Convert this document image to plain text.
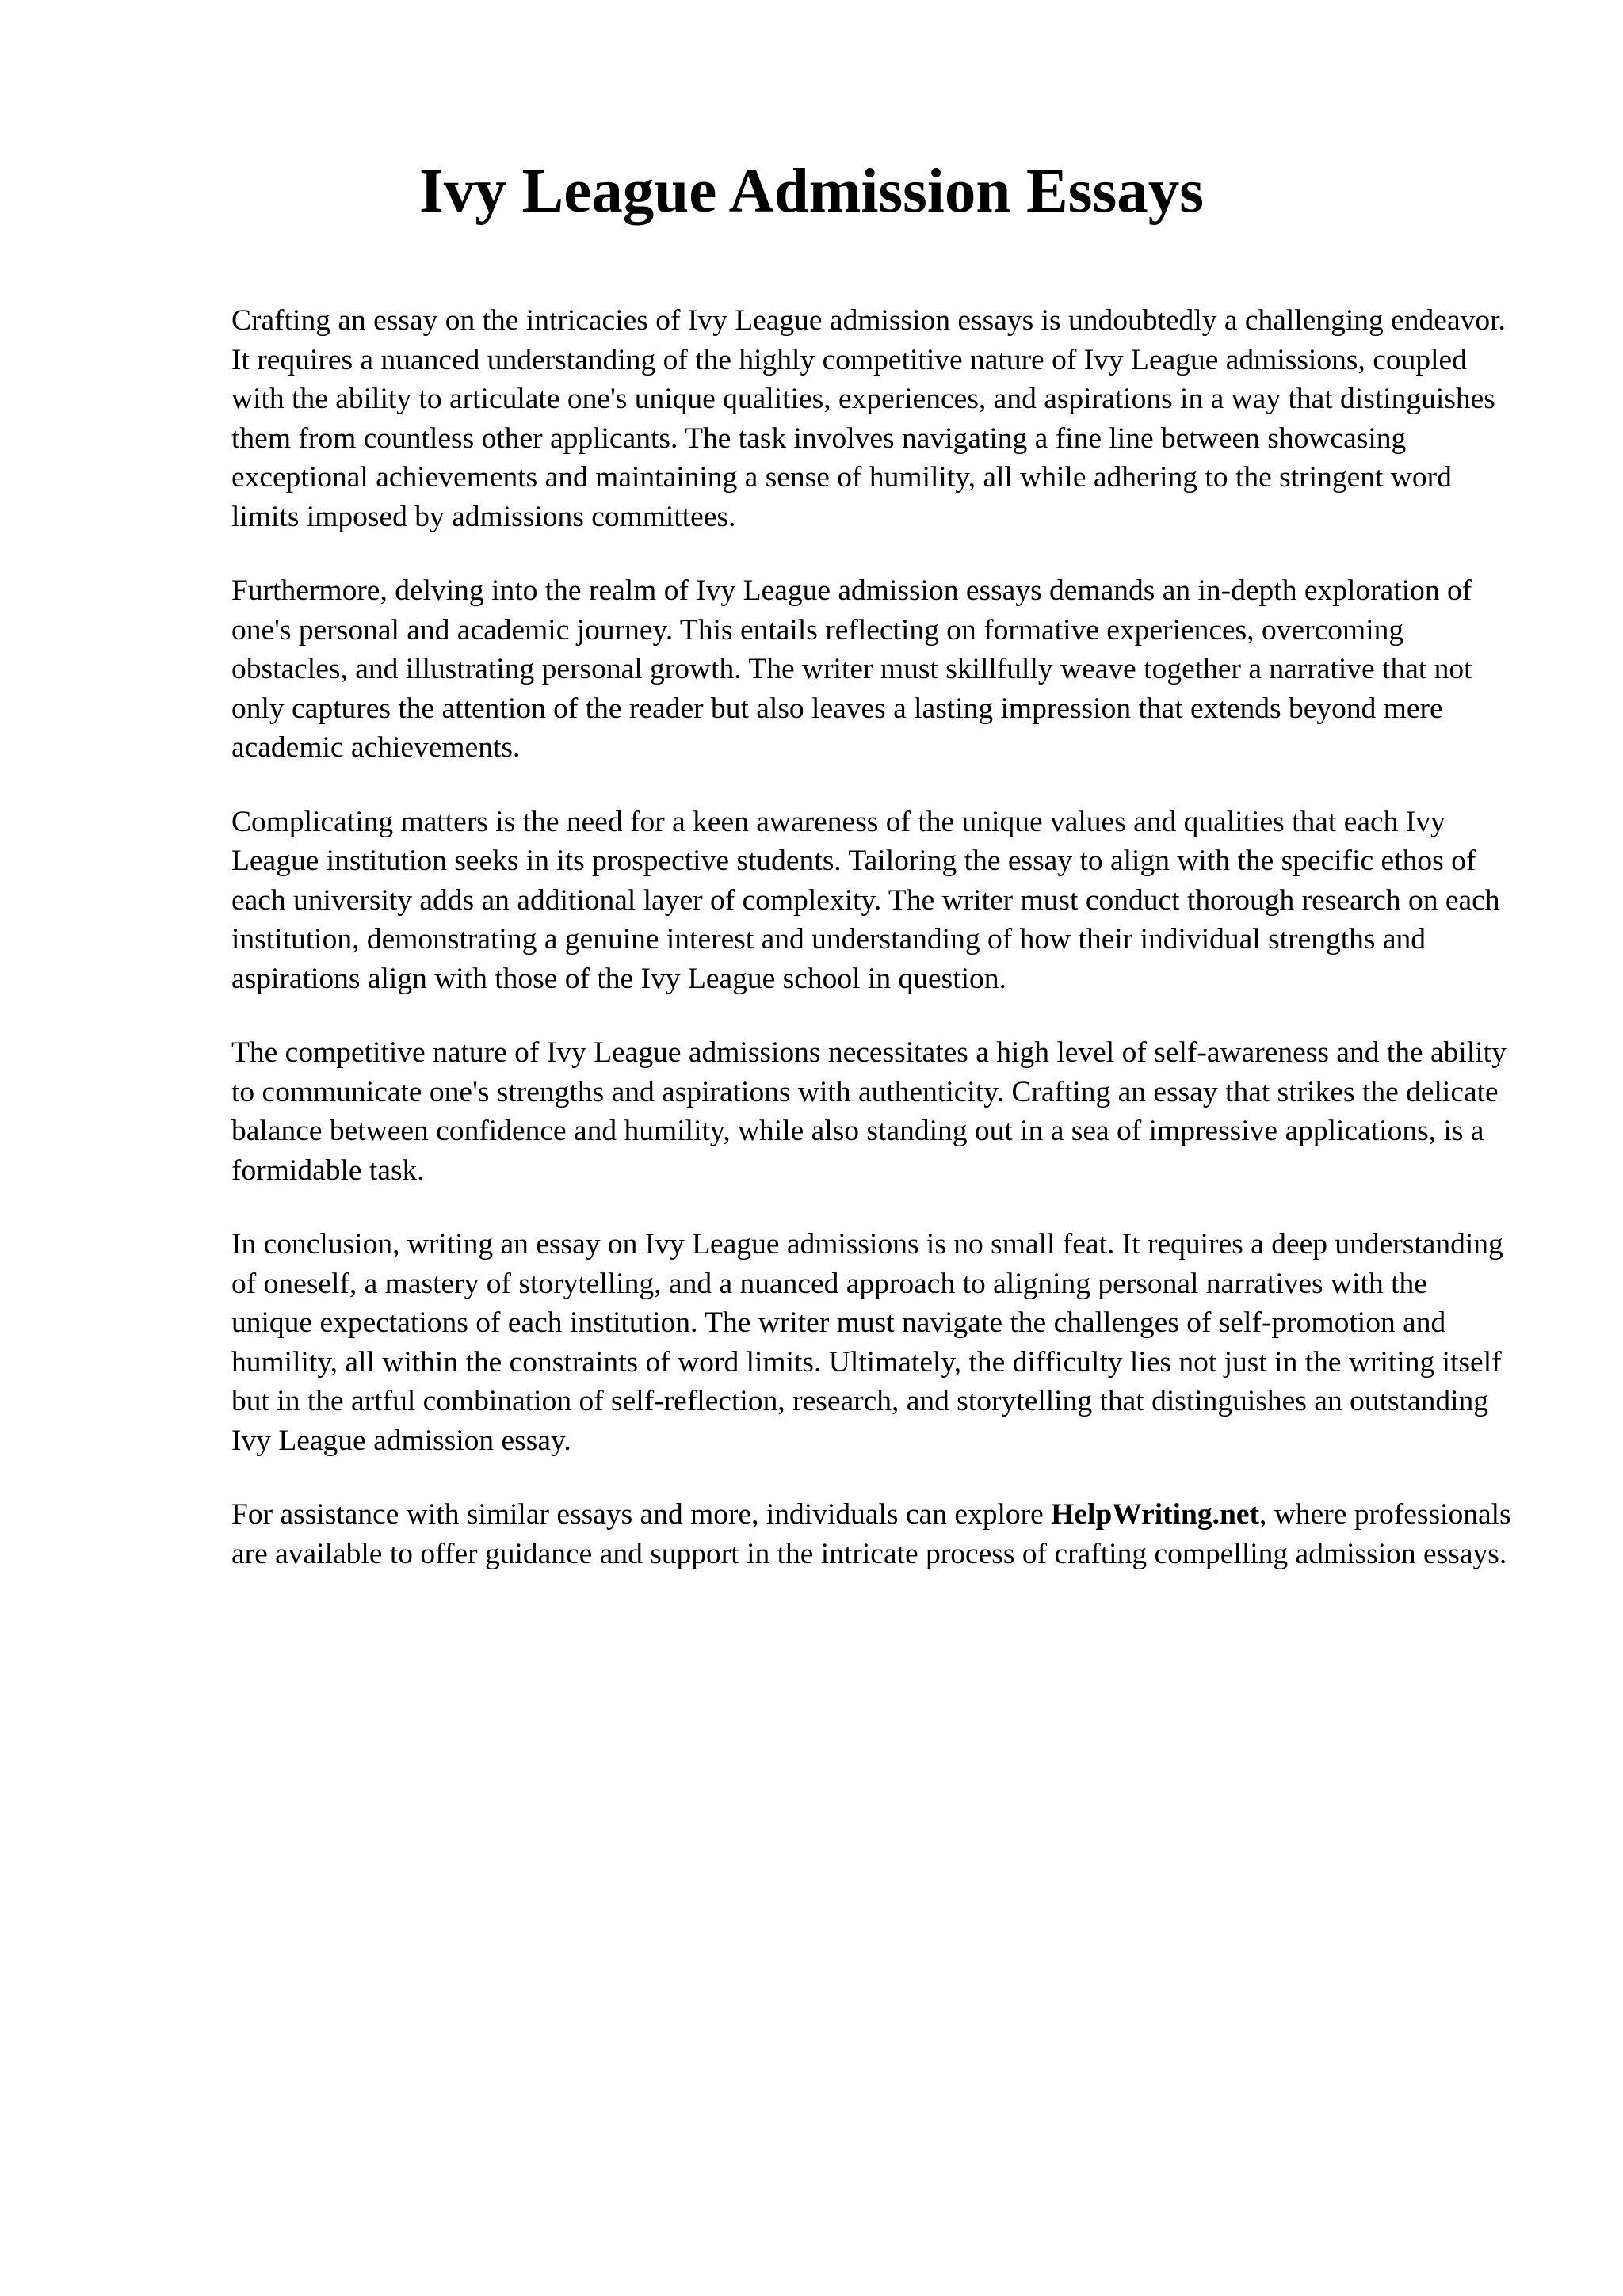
Ivy League Admission Essays

Crafting an essay on the intricacies of Ivy League admission essays is undoubtedly a challenging endeavor. It requires a nuanced understanding of the highly competitive nature of Ivy League admissions, coupled with the ability to articulate one's unique qualities, experiences, and aspirations in a way that distinguishes them from countless other applicants. The task involves navigating a fine line between showcasing exceptional achievements and maintaining a sense of humility, all while adhering to the stringent word limits imposed by admissions committees.

Furthermore, delving into the realm of Ivy League admission essays demands an in-depth exploration of one's personal and academic journey. This entails reflecting on formative experiences, overcoming obstacles, and illustrating personal growth. The writer must skillfully weave together a narrative that not only captures the attention of the reader but also leaves a lasting impression that extends beyond mere academic achievements.

Complicating matters is the need for a keen awareness of the unique values and qualities that each Ivy League institution seeks in its prospective students. Tailoring the essay to align with the specific ethos of each university adds an additional layer of complexity. The writer must conduct thorough research on each institution, demonstrating a genuine interest and understanding of how their individual strengths and aspirations align with those of the Ivy League school in question.

The competitive nature of Ivy League admissions necessitates a high level of self-awareness and the ability to communicate one's strengths and aspirations with authenticity. Crafting an essay that strikes the delicate balance between confidence and humility, while also standing out in a sea of impressive applications, is a formidable task.

In conclusion, writing an essay on Ivy League admissions is no small feat. It requires a deep understanding of oneself, a mastery of storytelling, and a nuanced approach to aligning personal narratives with the unique expectations of each institution. The writer must navigate the challenges of self-promotion and humility, all within the constraints of word limits. Ultimately, the difficulty lies not just in the writing itself but in the artful combination of self-reflection, research, and storytelling that distinguishes an outstanding Ivy League admission essay.

For assistance with similar essays and more, individuals can explore HelpWriting.net, where professionals are available to offer guidance and support in the intricate process of crafting compelling admission essays.
